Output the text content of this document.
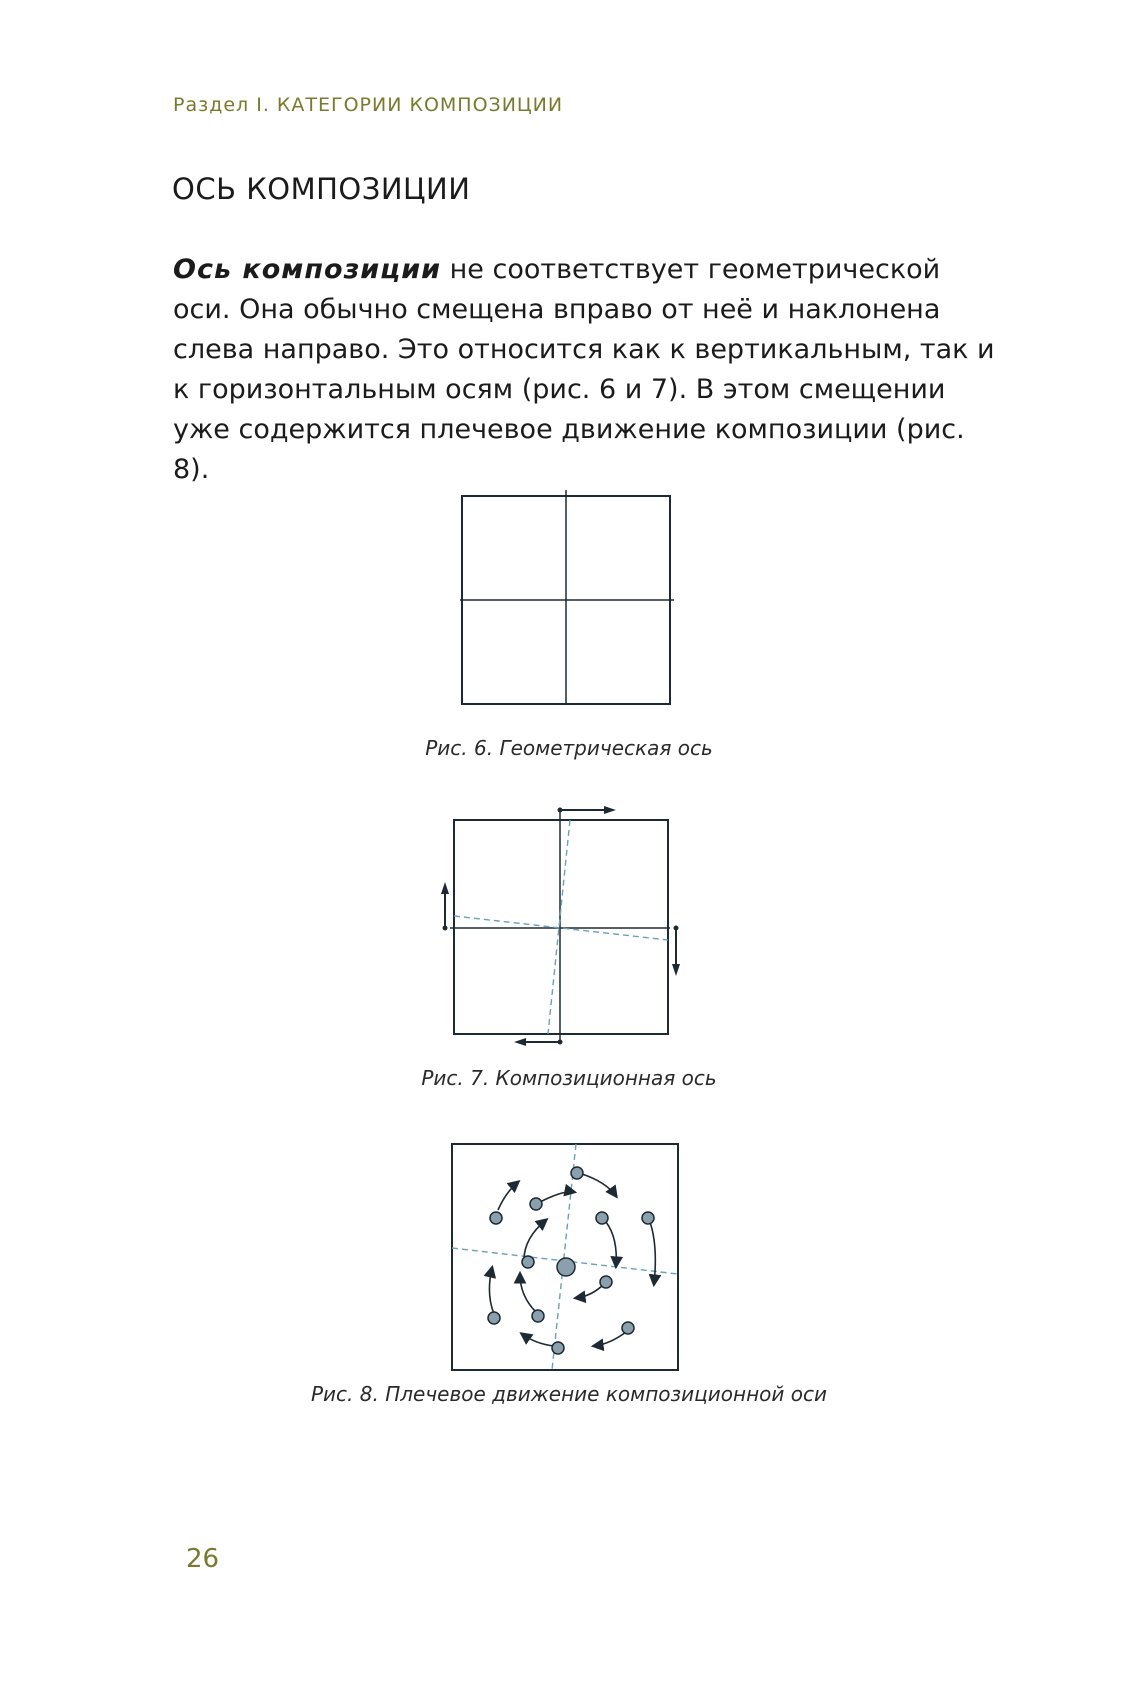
Раздел I. КАТЕГОРИИ КОМПОЗИЦИИ
ОСЬ КОМПОЗИЦИИ
Ось композиции не соответствует геометрической оси. Она обычно смещена вправо от неё и наклонена слева направо. Это относится как к вертикальным, так и к горизонтальным осям (рис. 6 и 7). В этом смещении уже содержится плечевое движение композиции (рис. 8).
Рис. 6. Геометрическая ось
Рис. 7. Композиционная ось
Рис. 8. Плечевое движение композиционной оси
26
